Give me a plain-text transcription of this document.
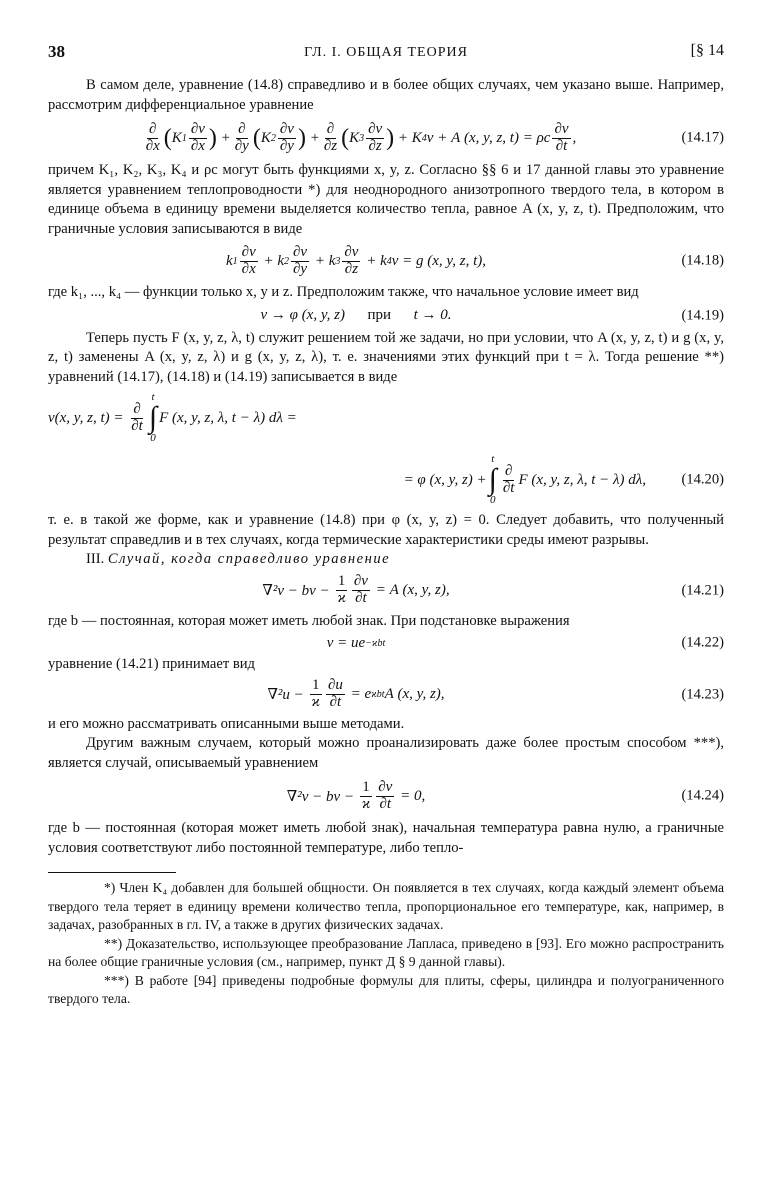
38	ГЛ. I. ОБЩАЯ ТЕОРИЯ	[§ 14

В самом деле, уравнение (14.8) справедливо и в более общих случаях, чем указано выше. Например, рассмотрим дифференциальное уравнение

$\frac{\partial}{\partial x}$ ( K $1 \frac{\partial v}{\partial x}$ ) + $\frac{\partial}{\partial y}$ ( K $2 \frac{\partial v}{\partial y}$ ) + $\frac{\partial}{\partial z}$ ( K $3 \frac{\partial v}{\partial z}$ ) + K 4 v + A (x, y, z, t) = ρc $\frac{\partial v}{\partial t}$ ,	(14.17)

причем K₁, K₂, K₃, K₄ и ρc могут быть функциями x, y, z. Согласно §§ 6 и 17 данной главы это уравнение является уравнением теплопроводности *) для неоднородного анизотропного твердого тела, в котором в единице объема в единицу времени выделяется количество тепла, равное A (x, y, z, t). Предположим, что граничные условия записываются в виде

k $1 \frac{\partial v}{\partial x} + k$ $2 \frac{\partial v}{\partial y} + k$ $3 \frac{\partial v}{\partial z} + k$ 4 v = g (x, y, z, t),	(14.18)

где k₁, ..., k₄ — функции только x, y и z. Предположим также, что начальное условие имеет вид

v → φ (x, y, z) при t → 0.	(14.19)

Теперь пусть F (x, y, z, λ, t) служит решением той же задачи, но при условии, что A (x, y, z, t) и g (x, y, z, t) заменены A (x, y, z, λ) и g (x, y, z, λ), т. е. значениями этих функций при t = λ. Тогда решение **) уравнений (14.17), (14.18) и (14.19) записывается в виде

v(x, y, z, $t) = \frac{\partial}{\partial t}$
t
∫
0
F (x, y, z, λ, t − λ) dλ =
= φ (x, y, z) +
t
∫
0
$\frac{\partial}{\partial t}$ F (x, y, z, λ, t − λ) dλ,	(14.20)

т. е. в такой же форме, как и уравнение (14.8) при φ (x, y, z) = 0. Следует добавить, что полученный результат справедлив и в тех случаях, когда термические характеристики среды имеют разрывы.

III. Случай, когда справедливо уравнение

∇²v − bv − $\frac{1}{ϰ} \frac{\partial v}{\partial t} = A$ (x, y, z),	(14.21)

где b — постоянная, которая может иметь любой знак. При подстановке выражения

v = ue −ϰbt	(14.22)

уравнение (14.21) принимает вид

$\nabla^2u - \frac{1}{ϰ} \frac{\partial u}{\partial t} = e$ ϰbt A (x, y, z),	(14.23)

и его можно рассматривать описанными выше методами.

Другим важным случаем, который можно проанализировать даже более простым способом ***), является случай, описываемый уравнением

∇²v − bv − $\frac{1}{ϰ} \frac{\partial v}{\partial t} = 0$,	(14.24)

где b — постоянная (которая может иметь любой знак), начальная температура равна нулю, а граничные условия соответствуют либо постоянной температуре, либо тепло-

*) Член K₄ добавлен для большей общности. Он появляется в тех случаях, когда каждый элемент объема твердого тела теряет в единицу времени количество тепла, пропорциональное его температуре, как, например, в задачах, разобранных в гл. IV, а также в других физических задачах.

**) Доказательство, использующее преобразование Лапласа, приведено в [93]. Его можно распространить на более общие граничные условия (см., например, пункт Д § 9 данной главы).

***) В работе [94] приведены подробные формулы для плиты, сферы, цилиндра и полуограниченного твердого тела.
